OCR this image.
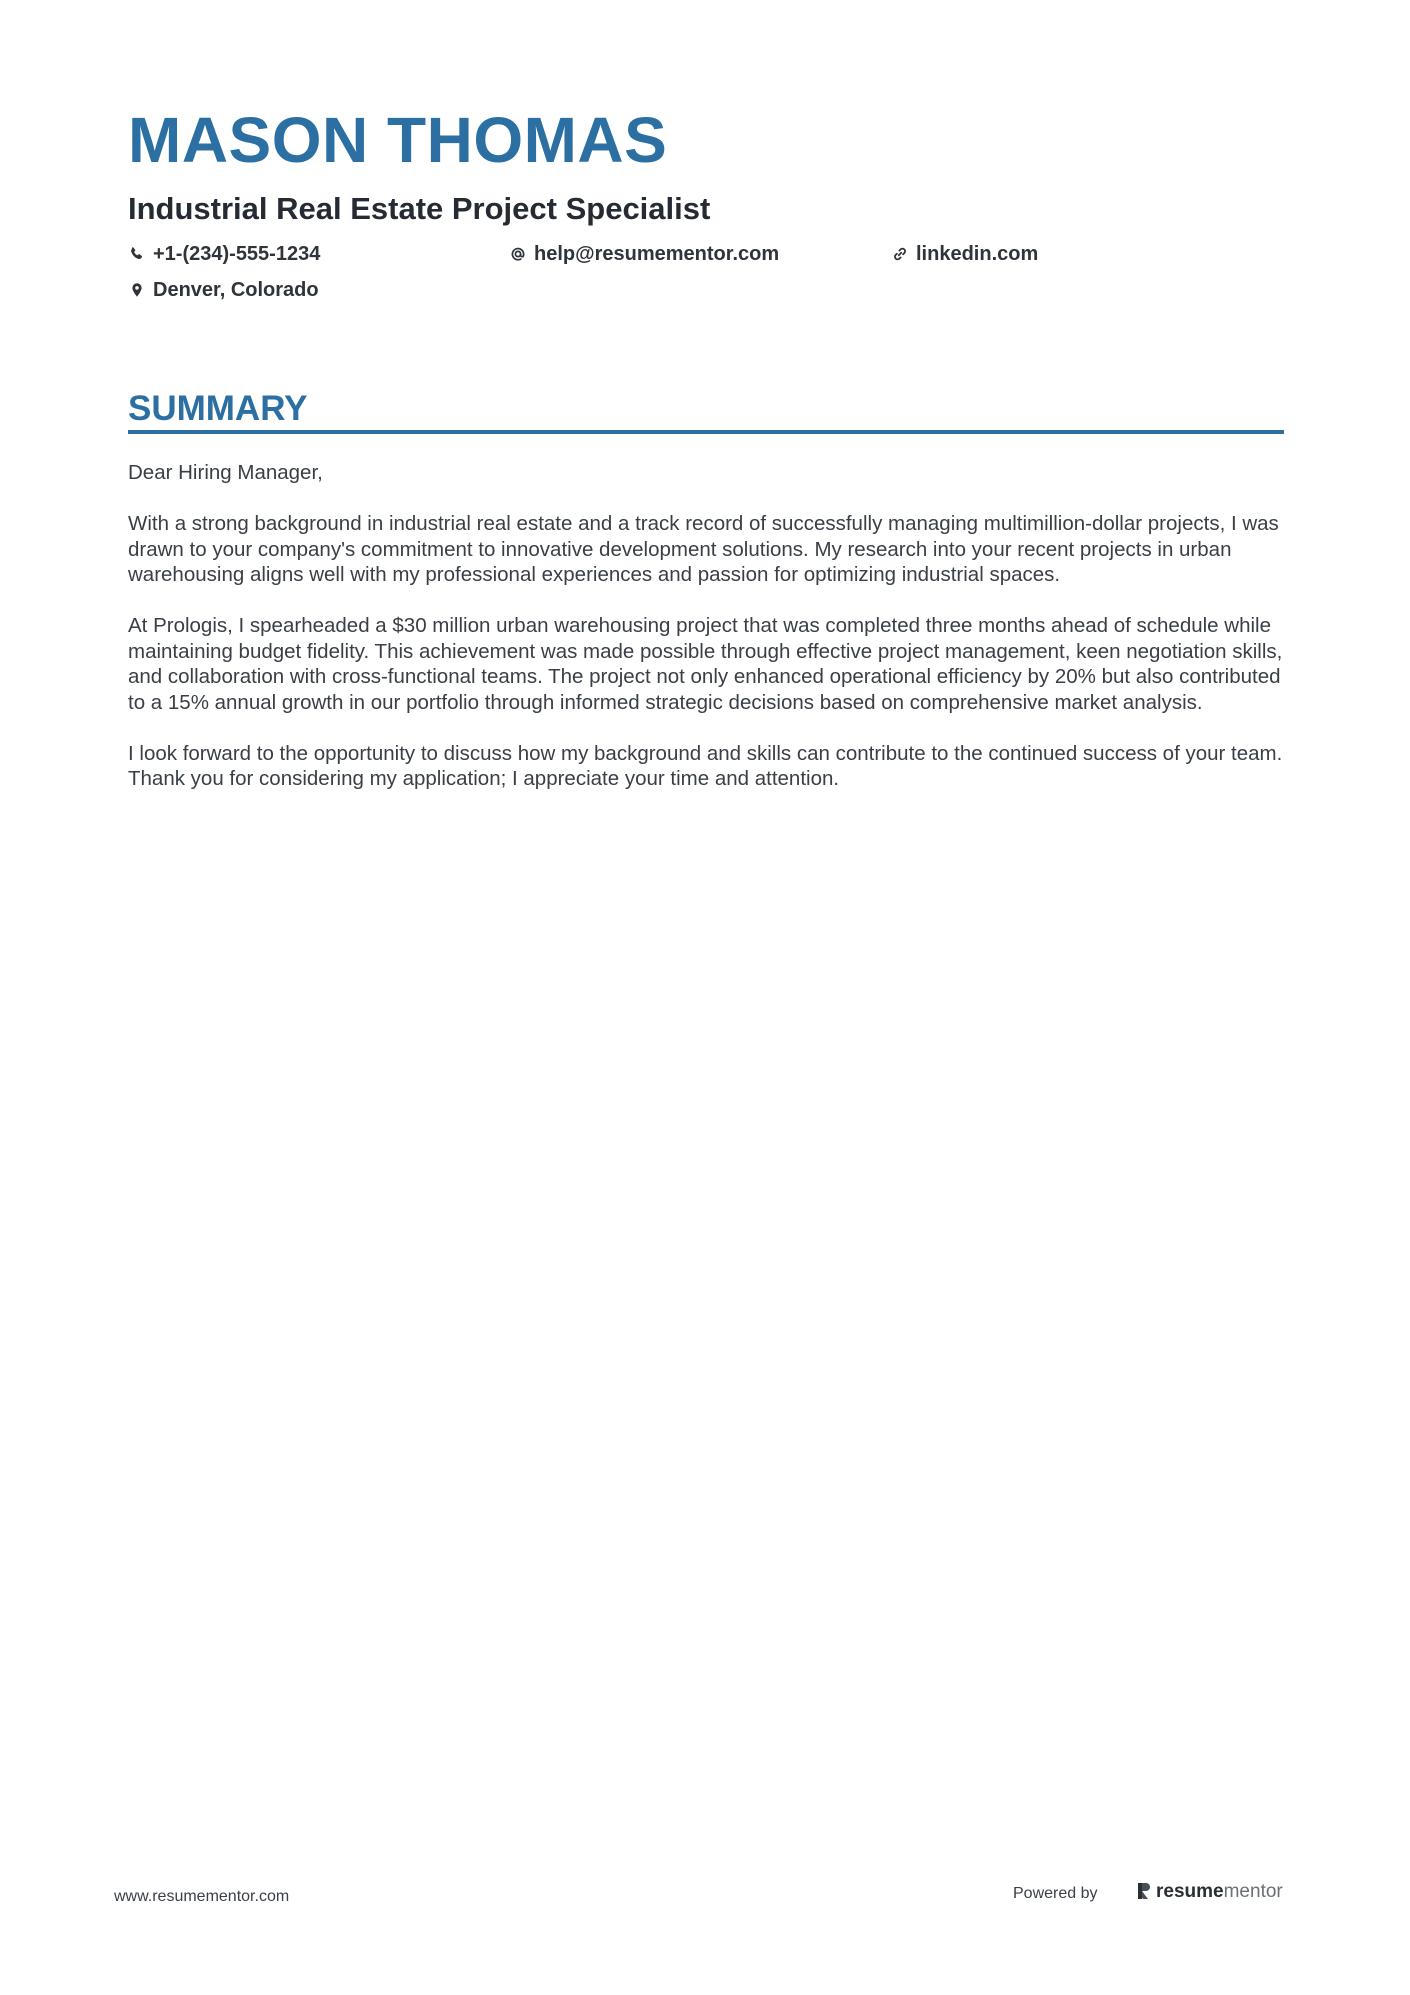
MASON THOMAS
Industrial Real Estate Project Specialist
+1-(234)-555-1234	help@resumementor.com	linkedin.com
Denver, Colorado
SUMMARY

Dear Hiring Manager,

With a strong background in industrial real estate and a track record of successfully managing multimillion-dollar projects, I was drawn to your company's commitment to innovative development solutions. My research into your recent projects in urban warehousing aligns well with my professional experiences and passion for optimizing industrial spaces.

At Prologis, I spearheaded a $30 million urban warehousing project that was completed three months ahead of schedule while maintaining budget fidelity. This achievement was made possible through effective project management, keen negotiation skills, and collaboration with cross-functional teams. The project not only enhanced operational efficiency by 20% but also contributed to a 15% annual growth in our portfolio through informed strategic decisions based on comprehensive market analysis.

I look forward to the opportunity to discuss how my background and skills can contribute to the continued success of your team. Thank you for considering my application; I appreciate your time and attention.

www.resumementor.com	Powered by	resume mentor
